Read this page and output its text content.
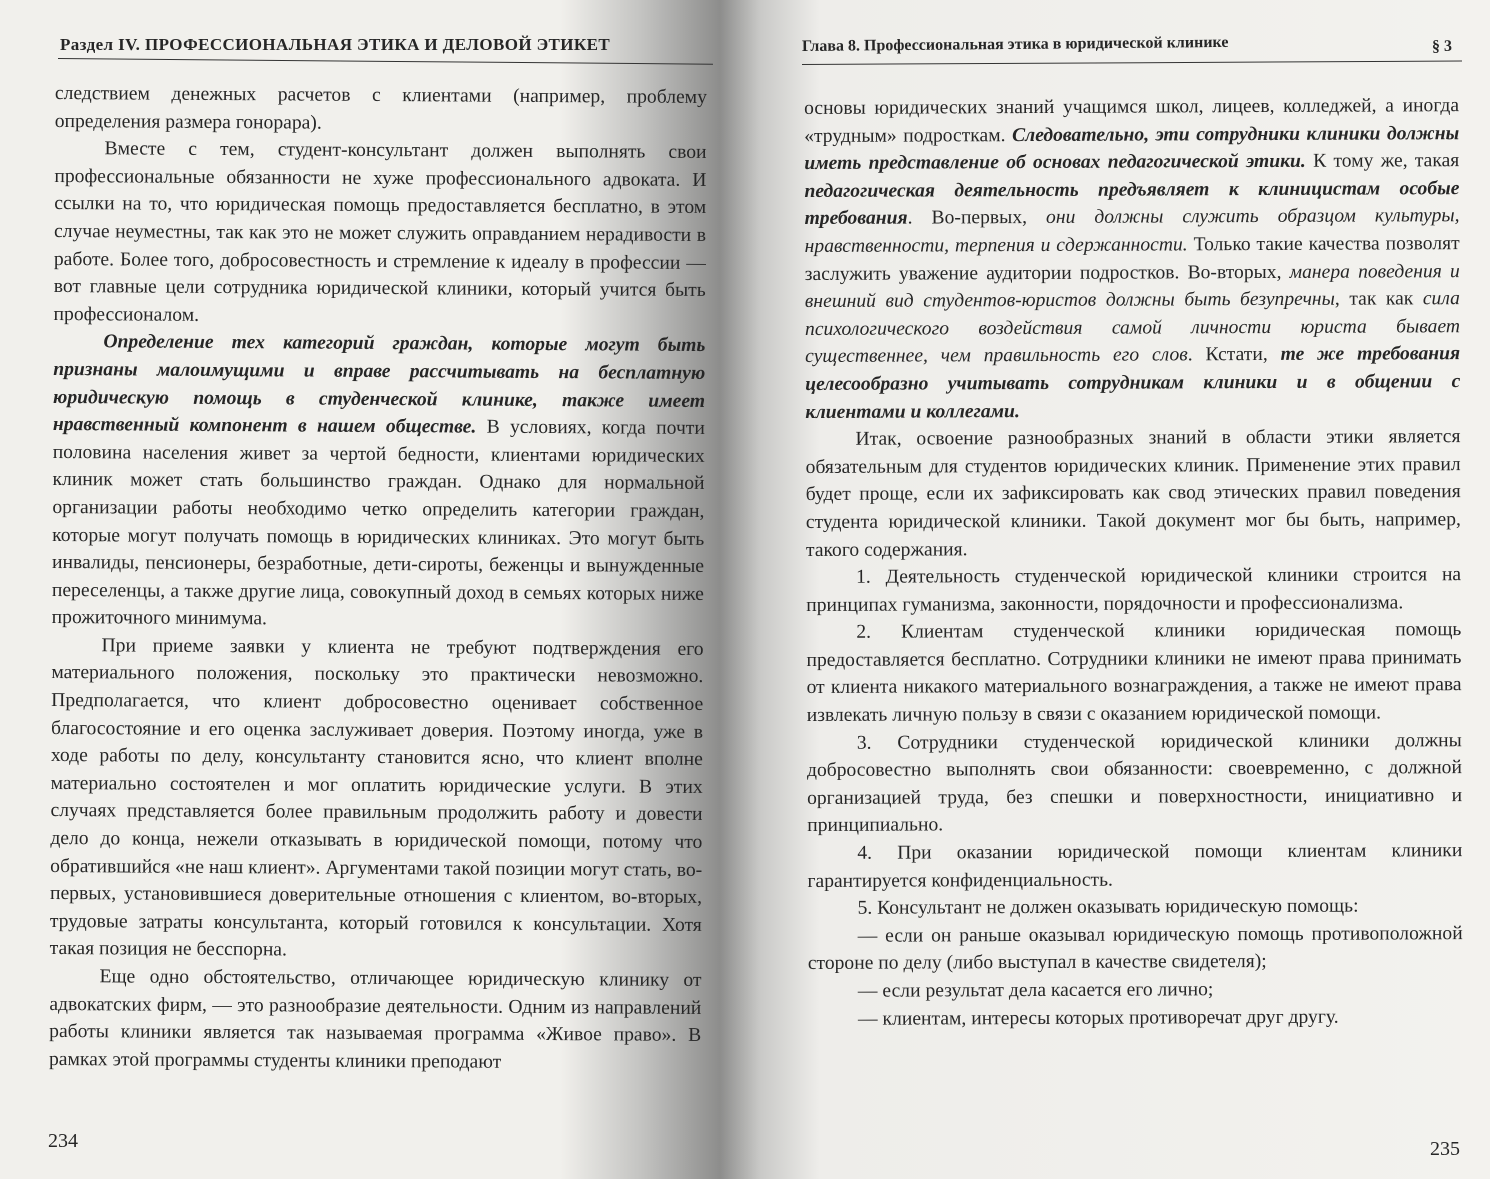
Раздел IV. ПРОФЕССИОНАЛЬНАЯ ЭТИКА И ДЕЛОВОЙ ЭТИКЕТ

следствием денежных расчетов с клиентами (например, проблему определения размера гонорара).

Вместе с тем, студент-консультант должен выполнять свои профессиональные обязанности не хуже профессионального адвоката. И ссылки на то, что юридическая помощь предоставляется бесплатно, в этом случае неуместны, так как это не может служить оправданием нерадивости в работе. Более того, добросовестность и стремление к идеалу в профессии — вот главные цели сотрудника юридической клиники, который учится быть профессионалом.

Определение тех категорий граждан, которые могут быть признаны малоимущими и вправе рассчитывать на бесплатную юридическую помощь в студенческой клинике, также имеет нравственный компонент в нашем обществе. В условиях, когда почти половина населения живет за чертой бедности, клиентами юридических клиник может стать большинство граждан. Однако для нормальной организации работы необходимо четко определить категории граждан, которые могут получать помощь в юридических клиниках. Это могут быть инвалиды, пенсионеры, безработные, дети-сироты, беженцы и вынужденные переселенцы, а также другие лица, совокупный доход в семьях которых ниже прожиточного минимума.

При приеме заявки у клиента не требуют подтверждения его материального положения, поскольку это практически невозможно. Предполагается, что клиент добросовестно оценивает собственное благосостояние и его оценка заслуживает доверия. Поэтому иногда, уже в ходе работы по делу, консультанту становится ясно, что клиент вполне материально состоятелен и мог оплатить юридические услуги. В этих случаях представляется более правильным продолжить работу и довести дело до конца, нежели отказывать в юридической помощи, потому что обратившийся «не наш клиент». Аргументами такой позиции могут стать, во-первых, установившиеся доверительные отношения с клиентом, во-вторых, трудовые затраты консультанта, который готовился к консультации. Хотя такая позиция не бесспорна.

Еще одно обстоятельство, отличающее юридическую клинику от адвокатских фирм, — это разнообразие деятельности. Одним из направлений работы клиники является так называемая программа «Живое право». В рамках этой программы студенты клиники преподают

234
Глава 8. Профессиональная этика в юридической клинике	§ 3

основы юридических знаний учащимся школ, лицеев, колледжей, а иногда «трудным» подросткам. Следовательно, эти сотрудники клиники должны иметь представление об основах педагогической этики. К тому же, такая педагогическая деятельность предъявляет к клиницистам особые требования. Во-первых, они должны служить образцом культуры, нравственности, терпения и сдержанности. Только такие качества позволят заслужить уважение аудитории подростков. Во-вторых, манера поведения и внешний вид студентов-юристов должны быть безупречны, так как сила психологического воздействия самой личности юриста бывает существеннее, чем правильность его слов. Кстати, те же требования целесообразно учитывать сотрудникам клиники и в общении с клиентами и коллегами.

Итак, освоение разнообразных знаний в области этики является обязательным для студентов юридических клиник. Применение этих правил будет проще, если их зафиксировать как свод этических правил поведения студента юридической клиники. Такой документ мог бы быть, например, такого содержания.

1. Деятельность студенческой юридической клиники строится на принципах гуманизма, законности, порядочности и профессионализма.

2. Клиентам студенческой клиники юридическая помощь предоставляется бесплатно. Сотрудники клиники не имеют права принимать от клиента никакого материального вознаграждения, а также не имеют права извлекать личную пользу в связи с оказанием юридической помощи.

3. Сотрудники студенческой юридической клиники должны добросовестно выполнять свои обязанности: своевременно, с должной организацией труда, без спешки и поверхностности, инициативно и принципиально.

4. При оказании юридической помощи клиентам клиники гарантируется конфиденциальность.

5. Консультант не должен оказывать юридическую помощь:

— если он раньше оказывал юридическую помощь противоположной стороне по делу (либо выступал в качестве свидетеля);

— если результат дела касается его лично;

— клиентам, интересы которых противоречат друг другу.

235
